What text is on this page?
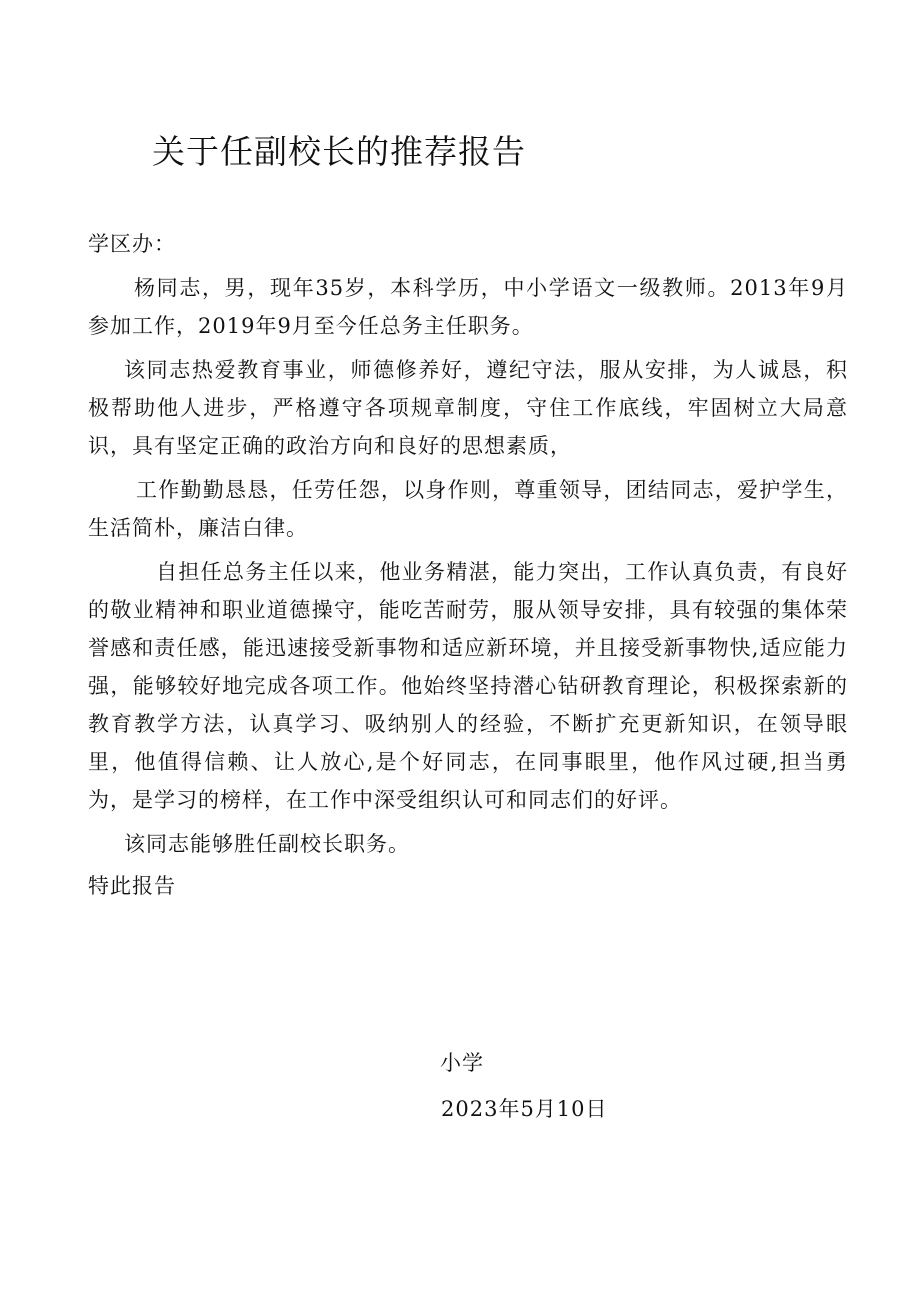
关于任副校长的推荐报告

学区办：

杨同志，男，现年35岁，本科学历，中小学语文一级教师。2013年9月参加工作，2019年9月至今任总务主任职务。

该同志热爱教育事业，师德修养好，遵纪守法，服从安排，为人诚恳，积极帮助他人进步，严格遵守各项规章制度，守住工作底线，牢固树立大局意识，具有坚定正确的政治方向和良好的思想素质，

工作勤勤恳恳，任劳任怨，以身作则，尊重领导，团结同志，爱护学生，生活简朴，廉洁白律。

自担任总务主任以来，他业务精湛，能力突出，工作认真负责，有良好的敬业精神和职业道德操守，能吃苦耐劳，服从领导安排，具有较强的集体荣誉感和责任感，能迅速接受新事物和适应新环境，并且接受新事物快,适应能力强，能够较好地完成各项工作。他始终坚持潜心钻研教育理论，积极探索新的教育教学方法，认真学习、吸纳别人的经验，不断扩充更新知识，在领导眼里，他值得信赖、让人放心,是个好同志，在同事眼里，他作风过硬,担当勇为，是学习的榜样，在工作中深受组织认可和同志们的好评。

该同志能够胜任副校长职务。

特此报告

小学
2023年5月10日
